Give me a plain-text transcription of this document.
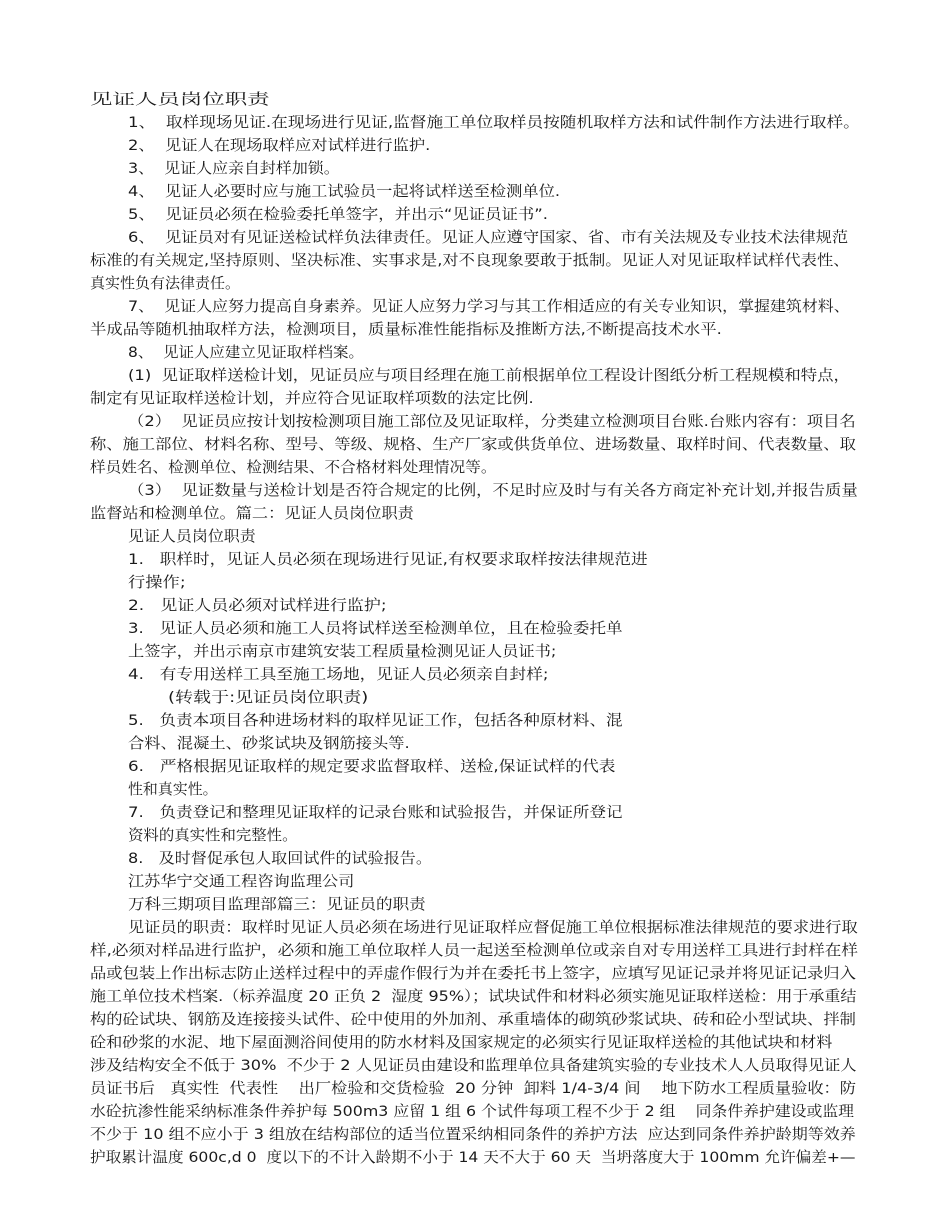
见证人员岗位职责

1、  取样现场见证.在现场进行见证,监督施工单位取样员按随机取样方法和试件制作方法进行取样。

2、  见证人在现场取样应对试样进行监护.

3、  见证人应亲自封样加锁。

4、  见证人必要时应与施工试验员一起将试样送至检测单位.

5、  见证员必须在检验委托单签字，并出示“见证员证书”.

6、  见证员对有见证送检试样负法律责任。见证人应遵守国家、省、市有关法规及专业技术法律规范

标准的有关规定,坚持原则、坚决标准、实事求是,对不良现象要敢于抵制。见证人对见证取样试样代表性、

真实性负有法律责任。

7、  见证人应努力提高自身素养。见证人应努力学习与其工作相适应的有关专业知识，掌握建筑材料、

半成品等随机抽取样方法，检测项目，质量标准性能指标及推断方法,不断提高技术水平.

8、  见证人应建立见证取样档案。

(1)  见证取样送检计划，见证员应与项目经理在施工前根据单位工程设计图纸分析工程规模和特点，

制定有见证取样送检计划，并应符合见证取样项数的法定比例.

（2）  见证员应按计划按检测项目施工部位及见证取样，分类建立检测项目台账.台账内容有：项目名

称、施工部位、材料名称、型号、等级、规格、生产厂家或供货单位、进场数量、取样时间、代表数量、取

样员姓名、检测单位、检测结果、不合格材料处理情况等。

（3）  见证数量与送检计划是否符合规定的比例，不足时应及时与有关各方商定补充计划,并报告质量

监督站和检测单位。篇二：见证人员岗位职责

见证人员岗位职责

1.   职样时，见证人员必须在现场进行见证,有权要求取样按法律规范进

行操作;

2.   见证人员必须对试样进行监护;

3.   见证人员必须和施工人员将试样送至检测单位，且在检验委托单

上签字，并出示南京市建筑安装工程质量检测见证人员证书;

4.   有专用送样工具至施工场地，见证人员必须亲自封样;

(转载于:见证员岗位职责)

5.   负责本项目各种进场材料的取样见证工作，包括各种原材料、混

合料、混凝土、砂浆试块及钢筋接头等.

6.   严格根据见证取样的规定要求监督取样、送检,保证试样的代表

性和真实性。

7.   负责登记和整理见证取样的记录台账和试验报告，并保证所登记

资料的真实性和完整性。

8.   及时督促承包人取回试件的试验报告。

江苏华宁交通工程咨询监理公司

万科三期项目监理部篇三：见证员的职责

见证员的职责：取样时见证人员必须在场进行见证取样应督促施工单位根据标准法律规范的要求进行取

样,必须对样品进行监护，必须和施工单位取样人员一起送至检测单位或亲自对专用送样工具进行封样在样

品或包装上作出标志防止送样过程中的弄虚作假行为并在委托书上签字，应填写见证记录并将见证记录归入

施工单位技术档案.（标养温度 20 正负 2  湿度 95%）；试块试件和材料必须实施见证取样送检：用于承重结

构的砼试块、钢筋及连接接头试件、砼中使用的外加剂、承重墙体的砌筑砂浆试块、砖和砼小型试块、拌制

砼和砂浆的水泥、地下屋面测浴间使用的防水材料及国家规定的必须实行见证取样送检的其他试块和材料

涉及结构安全不低于 30%  不少于 2 人见证员由建设和监理单位具备建筑实验的专业技术人人员取得见证人

员证书后   真实性  代表性    出厂检验和交货检验  20 分钟  卸料 1/4-3/4 间    地下防水工程质量验收：防

水砼抗渗性能采纳标准条件养护每 500m3 应留 1 组 6 个试件每项工程不少于 2 组    同条件养护建设或监理

不少于 10 组不应小于 3 组放在结构部位的适当位置采纳相同条件的养护方法  应达到同条件养护龄期等效养

护取累计温度 600c,d 0  度以下的不计入龄期不小于 14 天不大于 60 天  当坍落度大于 100mm 允许偏差+—
